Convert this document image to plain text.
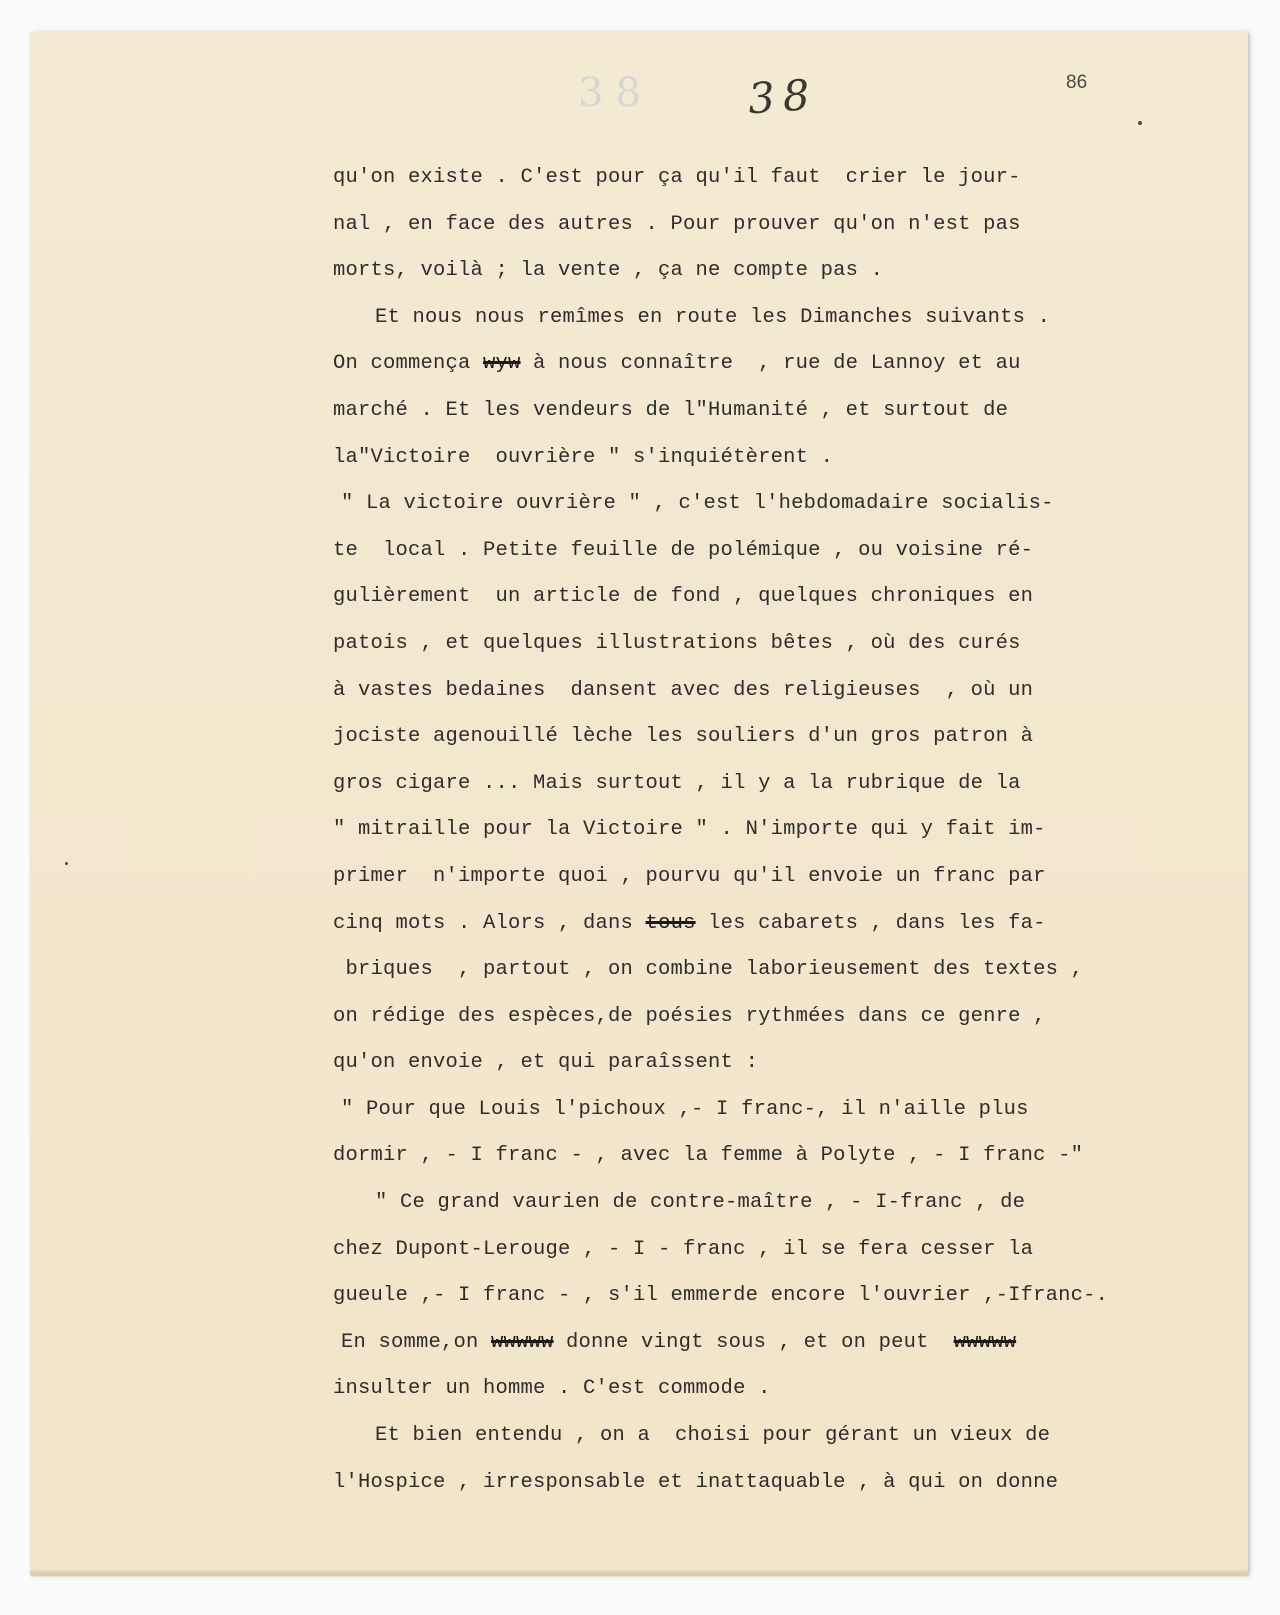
38 38	86
qu'on existe . C'est pour ça qu'il faut  crier le jour-
nal , en face des autres . Pour prouver qu'on n'est pas
morts, voilà ; la vente , ça ne compte pas .
Et nous nous remîmes en route les Dimanches suivants .
On commença wyw à nous connaître  , rue de Lannoy et au
marché . Et les vendeurs de l"Humanité , et surtout de
la"Victoire  ouvrière " s'inquiétèrent .
" La victoire ouvrière " , c'est l'hebdomadaire socialis-
te  local . Petite feuille de polémique , ou voisine ré-
gulièrement  un article de fond , quelques chroniques en
patois , et quelques illustrations bêtes , où des curés
à vastes bedaines  dansent avec des religieuses  , où un
jociste agenouillé lèche les souliers d'un gros patron à
gros cigare ... Mais surtout , il y a la rubrique de la
" mitraille pour la Victoire " . N'importe qui y fait im-
primer  n'importe quoi , pourvu qu'il envoie un franc par
cinq mots . Alors , dans tous les cabarets , dans les fa-
briques  , partout , on combine laborieusement des textes ,
on rédige des espèces,de poésies rythmées dans ce genre ,
qu'on envoie , et qui paraîssent :
" Pour que Louis l'pichoux ,- I franc-, il n'aille plus
dormir , - I franc - , avec la femme à Polyte , - I franc -"
" Ce grand vaurien de contre-maître , - I-franc , de
chez Dupont-Lerouge , - I - franc , il se fera cesser la
gueule ,- I franc - , s'il emmerde encore l'ouvrier ,-Ifranc-.
En somme,on wwwww donne vingt sous , et on peut  wwwww
insulter un homme . C'est commode .
Et bien entendu , on a  choisi pour gérant un vieux de
l'Hospice , irresponsable et inattaquable , à qui on donne
